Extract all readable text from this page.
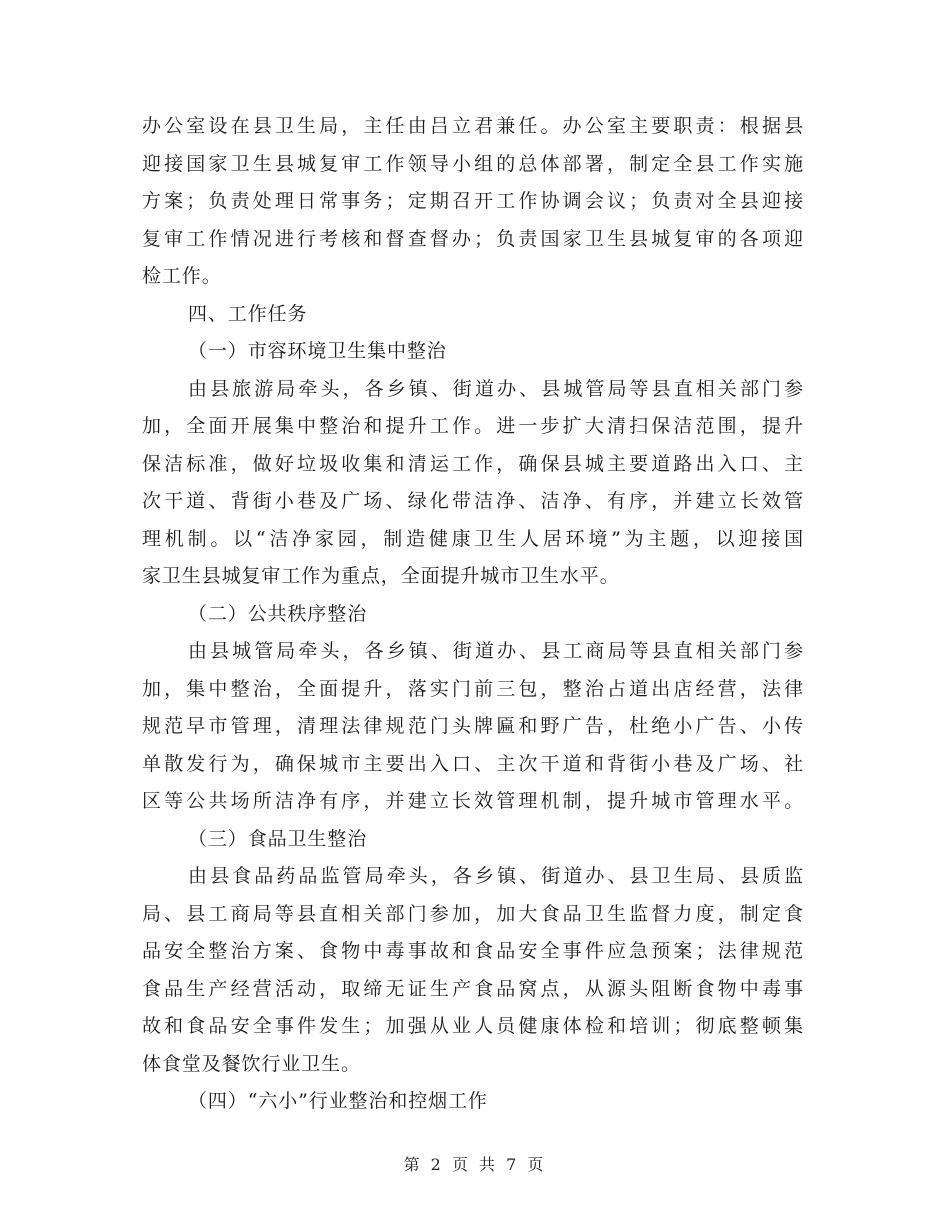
办公室设在县卫生局，主任由吕立君兼任。办公室主要职责：根据县
迎接国家卫生县城复审工作领导小组的总体部署，制定全县工作实施
方案；负责处理日常事务；定期召开工作协调会议；负责对全县迎接
复审工作情况进行考核和督查督办；负责国家卫生县城复审的各项迎
检工作。
四、工作任务
（一）市容环境卫生集中整治
由县旅游局牵头，各乡镇、街道办、县城管局等县直相关部门参
加，全面开展集中整治和提升工作。进一步扩大清扫保洁范围，提升
保洁标准，做好垃圾收集和清运工作，确保县城主要道路出入口、主
次干道、背街小巷及广场、绿化带洁净、洁净、有序，并建立长效管
理机制。以“洁净家园，制造健康卫生人居环境”为主题，以迎接国
家卫生县城复审工作为重点，全面提升城市卫生水平。
（二）公共秩序整治
由县城管局牵头，各乡镇、街道办、县工商局等县直相关部门参
加，集中整治，全面提升，落实门前三包，整治占道出店经营，法律
规范早市管理，清理法律规范门头牌匾和野广告，杜绝小广告、小传
单散发行为，确保城市主要出入口、主次干道和背街小巷及广场、社
区等公共场所洁净有序，并建立长效管理机制，提升城市管理水平。
（三）食品卫生整治
由县食品药品监管局牵头，各乡镇、街道办、县卫生局、县质监
局、县工商局等县直相关部门参加，加大食品卫生监督力度，制定食
品安全整治方案、食物中毒事故和食品安全事件应急预案；法律规范
食品生产经营活动，取缔无证生产食品窝点，从源头阻断食物中毒事
故和食品安全事件发生；加强从业人员健康体检和培训；彻底整顿集
体食堂及餐饮行业卫生。
（四）“六小”行业整治和控烟工作
第 2 页 共 7 页
